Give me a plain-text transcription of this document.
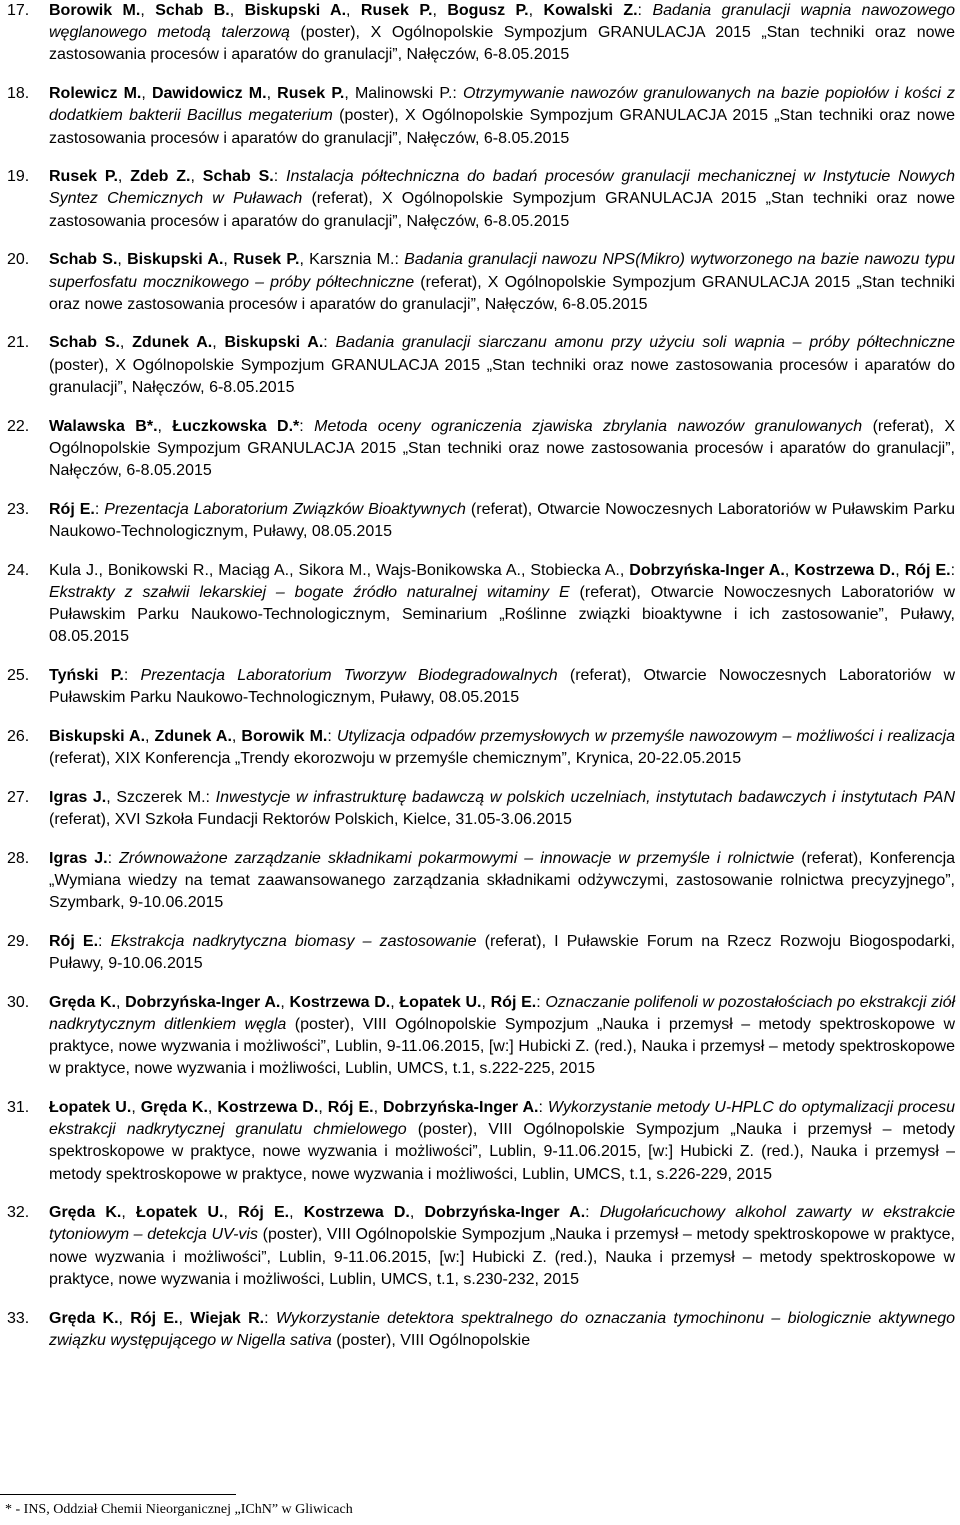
17. Borowik M., Schab B., Biskupski A., Rusek P., Bogusz P., Kowalski Z.: Badania granulacji wapnia nawozowego węglanowego metodą talerzową (poster), X Ogólnopolskie Sympozjum GRANULACJA 2015 „Stan techniki oraz nowe zastosowania procesów i aparatów do granulacji”, Nałęczów, 6-8.05.2015
18. Rolewicz M., Dawidowicz M., Rusek P., Malinowski P.: Otrzymywanie nawozów granulowanych na bazie popiołów i kości z dodatkiem bakterii Bacillus megaterium (poster), X Ogólnopolskie Sympozjum GRANULACJA 2015 „Stan techniki oraz nowe zastosowania procesów i aparatów do granulacji”, Nałęczów, 6-8.05.2015
19. Rusek P., Zdeb Z., Schab S.: Instalacja półtechniczna do badań procesów granulacji mechanicznej w Instytucie Nowych Syntez Chemicznych w Puławach (referat), X Ogólnopolskie Sympozjum GRANULACJA 2015 „Stan techniki oraz nowe zastosowania procesów i aparatów do granulacji”, Nałęczów, 6-8.05.2015
20. Schab S., Biskupski A., Rusek P., Karsznia M.: Badania granulacji nawozu NPS(Mikro) wytworzonego na bazie nawozu typu superfosfatu mocznikowego – próby półtechniczne (referat), X Ogólnopolskie Sympozjum GRANULACJA 2015 „Stan techniki oraz nowe zastosowania procesów i aparatów do granulacji”, Nałęczów, 6-8.05.2015
21. Schab S., Zdunek A., Biskupski A.: Badania granulacji siarczanu amonu przy użyciu soli wapnia – próby półtechniczne (poster), X Ogólnopolskie Sympozjum GRANULACJA 2015 „Stan techniki oraz nowe zastosowania procesów i aparatów do granulacji”, Nałęczów, 6-8.05.2015
22. Walawska B*., Łuczkowska D.*: Metoda oceny ograniczenia zjawiska zbrylania nawozów granulowanych (referat), X Ogólnopolskie Sympozjum GRANULACJA 2015 „Stan techniki oraz nowe zastosowania procesów i aparatów do granulacji”, Nałęczów, 6-8.05.2015
23. Rój E.: Prezentacja Laboratorium Związków Bioaktywnych (referat), Otwarcie Nowoczesnych Laboratoriów w Puławskim Parku Naukowo-Technologicznym, Puławy, 08.05.2015
24. Kula J., Bonikowski R., Maciąg A., Sikora M., Wajs-Bonikowska A., Stobiecka A., Dobrzyńska-Inger A., Kostrzewa D., Rój E.: Ekstrakty z szałwii lekarskiej – bogate źródło naturalnej witaminy E (referat), Otwarcie Nowoczesnych Laboratoriów w Puławskim Parku Naukowo-Technologicznym, Seminarium „Roślinne związki bioaktywne i ich zastosowanie”, Puławy, 08.05.2015
25. Tyński P.: Prezentacja Laboratorium Tworzyw Biodegradowalnych (referat), Otwarcie Nowoczesnych Laboratoriów w Puławskim Parku Naukowo-Technologicznym, Puławy, 08.05.2015
26. Biskupski A., Zdunek A., Borowik M.: Utylizacja odpadów przemysłowych w przemyśle nawozowym – możliwości i realizacja (referat), XIX Konferencja „Trendy ekorozwoju w przemyśle chemicznym”, Krynica, 20-22.05.2015
27. Igras J., Szczerek M.: Inwestycje w infrastrukturę badawczą w polskich uczelniach, instytutach badawczych i instytutach PAN (referat), XVI Szkoła Fundacji Rektorów Polskich, Kielce, 31.05-3.06.2015
28. Igras J.: Zrównoważone zarządzanie składnikami pokarmowymi – innowacje w przemyśle i rolnictwie (referat), Konferencja „Wymiana wiedzy na temat zaawansowanego zarządzania składnikami odżywczymi, zastosowanie rolnictwa precyzyjnego”, Szymbark, 9-10.06.2015
29. Rój E.: Ekstrakcja nadkrytyczna biomasy – zastosowanie (referat), I Puławskie Forum na Rzecz Rozwoju Biogospodarki, Puławy, 9-10.06.2015
30. Gręda K., Dobrzyńska-Inger A., Kostrzewa D., Łopatek U., Rój E.: Oznaczanie polifenoli w pozostałościach po ekstrakcji ziół nadkrytycznym ditlenkiem węgla (poster), VIII Ogólnopolskie Sympozjum „Nauka i przemysł – metody spektroskopowe w praktyce, nowe wyzwania i możliwości”, Lublin, 9-11.06.2015, [w:] Hubicki Z. (red.), Nauka i przemysł – metody spektroskopowe w praktyce, nowe wyzwania i możliwości, Lublin, UMCS, t.1, s.222-225, 2015
31. Łopatek U., Gręda K., Kostrzewa D., Rój E., Dobrzyńska-Inger A.: Wykorzystanie metody U-HPLC do optymalizacji procesu ekstrakcji nadkrytycznej granulatu chmielowego (poster), VIII Ogólnopolskie Sympozjum „Nauka i przemysł – metody spektroskopowe w praktyce, nowe wyzwania i możliwości”, Lublin, 9-11.06.2015, [w:] Hubicki Z. (red.), Nauka i przemysł – metody spektroskopowe w praktyce, nowe wyzwania i możliwości, Lublin, UMCS, t.1, s.226-229, 2015
32. Gręda K., Łopatek U., Rój E., Kostrzewa D., Dobrzyńska-Inger A.: Długołańcuchowy alkohol zawarty w ekstrakcie tytoniowym – detekcja UV-vis (poster), VIII Ogólnopolskie Sympozjum „Nauka i przemysł – metody spektroskopowe w praktyce, nowe wyzwania i możliwości”, Lublin, 9-11.06.2015, [w:] Hubicki Z. (red.), Nauka i przemysł – metody spektroskopowe w praktyce, nowe wyzwania i możliwości, Lublin, UMCS, t.1, s.230-232, 2015
33. Gręda K., Rój E., Wiejak R.: Wykorzystanie detektora spektralnego do oznaczania tymochinonu – biologicznie aktywnego związku występującego w Nigella sativa (poster), VIII Ogólnopolskie
* - INS, Oddział Chemii Nieorganicznej „IChN” w Gliwicach
